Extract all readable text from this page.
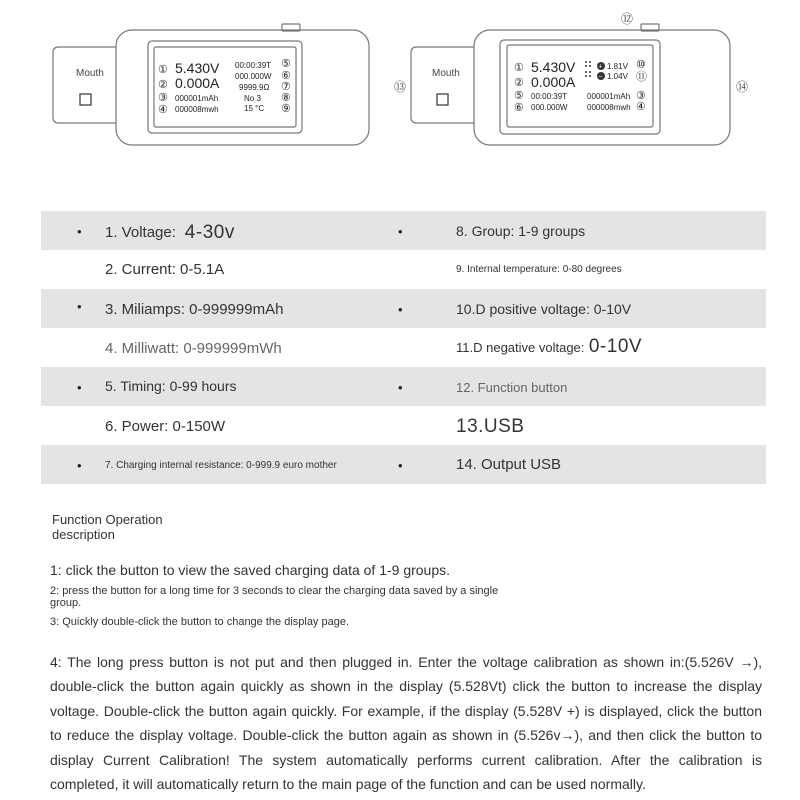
Mouth	①
②
③
④
5.430V
0.000A
000001mAh
000008mwh
00:00:39T
000.000W
9999.9Ω
No 3
15 °C
⑤
⑥
⑦
⑧
⑨
Mouth	①
②
⑤
⑥
5.430V
0.000A
00:00:39T
000.000W
+
−
1.81V
1.04V
000001mAh
000008mwh
⑩
⑪
③
④
⑫
⑬	⑭
• 1. Voltage: 4-30v	•	8. Group: 1-9 groups
2. Current: 0-5.1A	9. Internal temperature: 0-80 degrees
• 3. Miliamps: 0-999999mAh	•	10.D positive voltage: 0-10V
4. Milliwatt: 0-999999mWh	11.D negative voltage: 0-10V
• 5. Timing: 0-99 hours	•	12. Function button
6. Power: 0-150W	13.USB
• 7. Charging internal resistance: 0-999.9 euro mother	•	14. Output USB
Function Operation description
1: click the button to view the saved charging data of 1-9 groups.
2: press the button for a long time for 3 seconds to clear the charging data saved by a single group.
3: Quickly double-click the button to change the display page.
4: The long press button is not put and then plugged in. Enter the voltage calibration as shown in:(5.526V →), double-click the button again quickly as shown in the display (5.528Vt) click the button to increase the display voltage. Double-click the button again quickly. For example, if the display (5.528V +) is displayed, click the button to reduce the display voltage. Double-click the button again as shown in (5.526v→), and then click the button to display Current Calibration! The system automatically performs current calibration. After the calibration is completed, it will automatically return to the main page of the function and can be used normally.
